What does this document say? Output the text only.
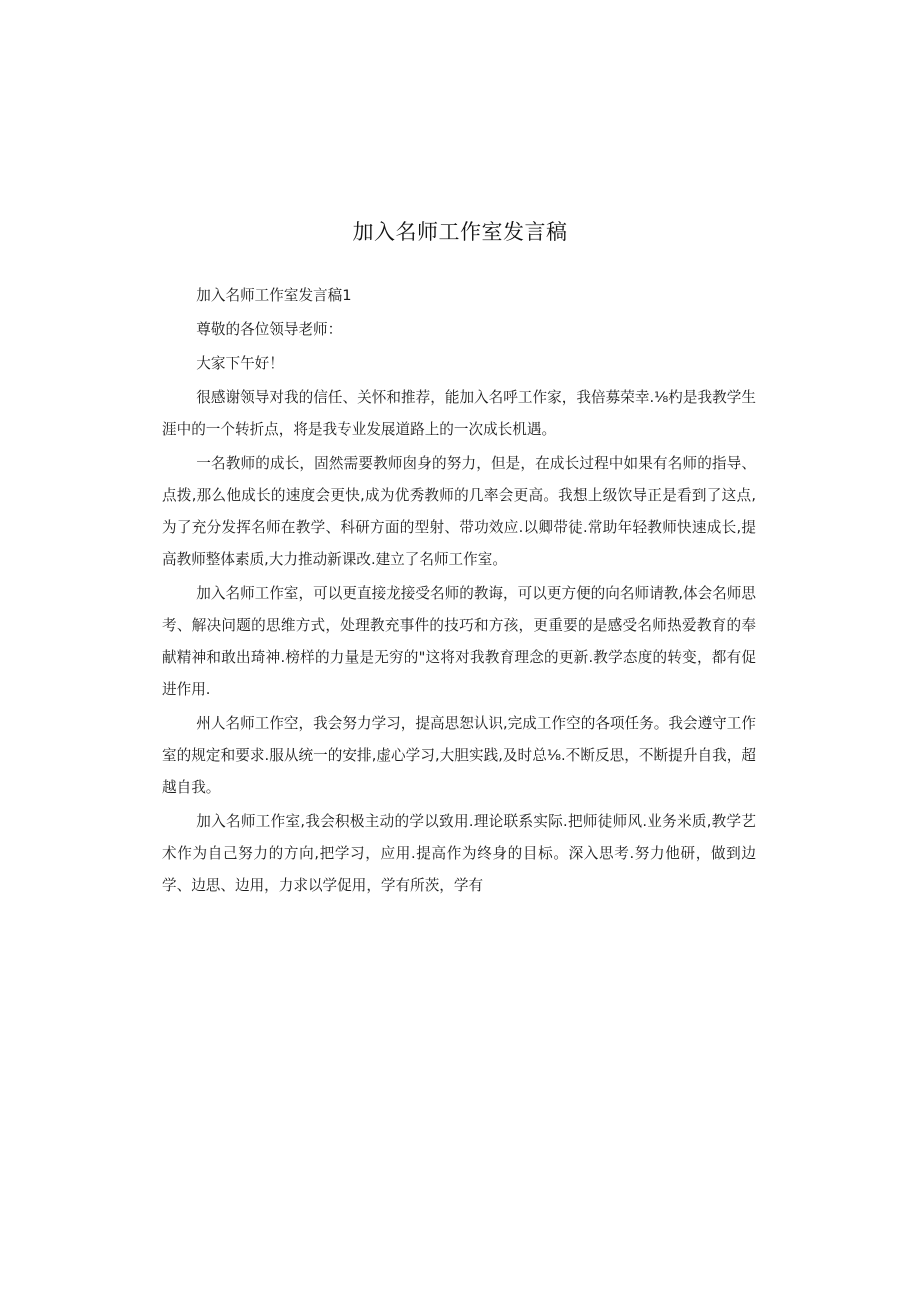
加入名师工作室发言稿

加入名师工作室发言稿1

尊敬的各位领导老师：

大家下午好！

很感谢领导对我的信任、关怀和推荐，能加入名呼工作家，我倍募荣幸.⅛杓是我教学生涯中的一个转折点，将是我专业发展道路上的一次成长机遇。

一名教师的成长，固然需要教师囱身的努力，但是，在成长过程中如果有名师的指导、点拨,那么他成长的速度会更快,成为优秀教师的几率会更高。我想上级饮导正是看到了这点,为了充分发挥名师在教学、科研方面的型射、带功效应.以卿带徒.常助年轻教师快速成长,提高教师整体素质,大力推动新课改.建立了名师工作室。

加入名师工作室，可以更直接龙接受名师的教诲，可以更方便的向名师请教,体会名师思考、解决问题的思维方式，处理教充事件的技巧和方孩，更重要的是感受名师热爱教育的奉献精神和敢出琦神.榜样的力量是无穷的"这将对我教育理念的更新.教学态度的转变，都有促进作用.

州人名师工作空，我会努力学习，提高思恕认识,完成工作空的各项任务。我会遵守工作室的规定和要求.服从统一的安排,虚心学习,大胆实践,及时总⅛.不断反思，不断提升自我，超越自我。

加入名师工作室,我会积极主动的学以致用.理论联系实际.把师徒师风.业务米质,教学艺术作为自己努力的方向,把学习，应用.提高作为终身的目标。深入思考.努力他研，做到边学、边思、边用，力求以学促用，学有所茨，学有
